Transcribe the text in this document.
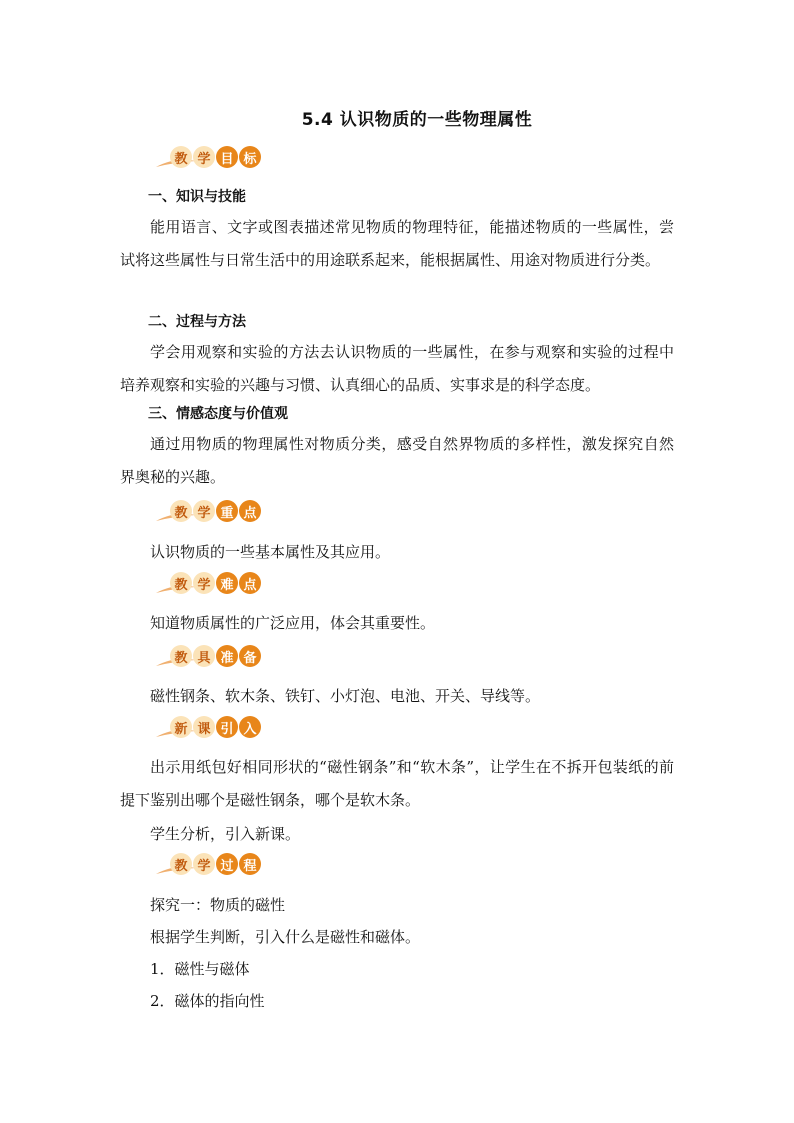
5.4 认识物质的一些物理属性
教 学 目 标
一、知识与技能

能用语言、文字或图表描述常见物质的物理特征，能描述物质的一些属性，尝试将这些属性与日常生活中的用途联系起来，能根据属性、用途对物质进行分类。

二、过程与方法

学会用观察和实验的方法去认识物质的一些属性，在参与观察和实验的过程中培养观察和实验的兴趣与习惯、认真细心的品质、实事求是的科学态度。

三、情感态度与价值观

通过用物质的物理属性对物质分类，感受自然界物质的多样性，激发探究自然界奥秘的兴趣。

教 学 重 点
认识物质的一些基本属性及其应用。
教 学 难 点
知道物质属性的广泛应用，体会其重要性。
教 具 准 备
磁性钢条、软木条、铁钉、小灯泡、电池、开关、导线等。
新 课 引 入

出示用纸包好相同形状的“磁性钢条”和“软木条”，让学生在不拆开包装纸的前提下鉴别出哪个是磁性钢条，哪个是软木条。

学生分析，引入新课。
教 学 过 程
探究一：物质的磁性
根据学生判断，引入什么是磁性和磁体。
1．磁性与磁体
2．磁体的指向性
